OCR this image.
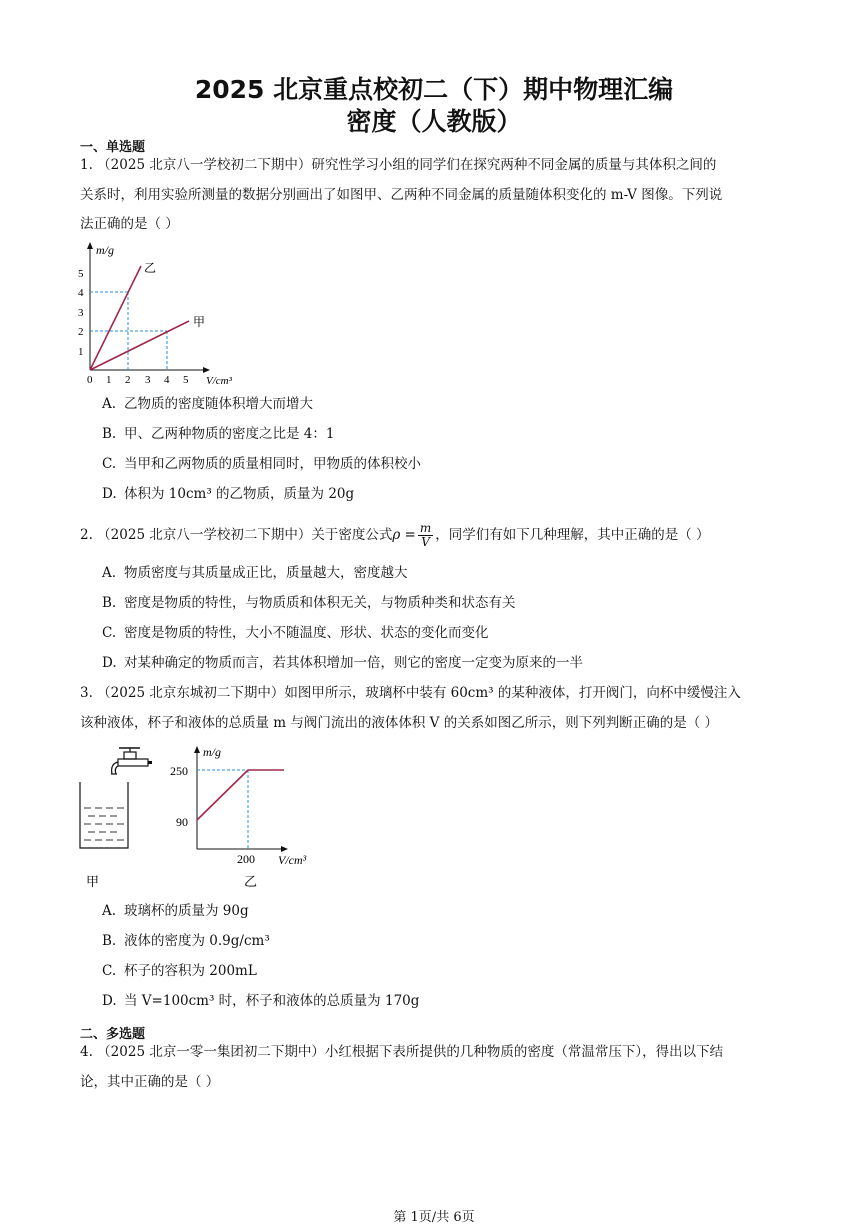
2025 北京重点校初二（下）期中物理汇编
密度（人教版）
一、单选题
1. （2025 北京八一学校初二下期中）研究性学习小组的同学们在探究两种不同金属的质量与其体积之间的
关系时，利用实验所测量的数据分别画出了如图甲、乙两种不同金属的质量随体积变化的 m-V 图像。下列说
法正确的是（ ）
m/g
乙
甲
5
4
3
2
1
0 1 2 3 4 5 V/cm³
A. 乙物质的密度随体积增大而增大
B. 甲、乙两种物质的密度之比是 4：1
C. 当甲和乙两物质的质量相同时，甲物质的体积校小
D. 体积为 10cm³ 的乙物质，质量为 20g
2. （2025 北京八一学校初二下期中）关于密度公式$\rho = \frac{m}{V}$ ，同学们有如下几种理解，其中正确的是（ ）
A. 物质密度与其质量成正比，质量越大，密度越大
B. 密度是物质的特性，与物质质和体积无关，与物质种类和状态有关
C. 密度是物质的特性，大小不随温度、形状、状态的变化而变化
D. 对某种确定的物质而言，若其体积增加一倍，则它的密度一定变为原来的一半
3. （2025 北京东城初二下期中）如图甲所示，玻璃杯中装有 60cm³ 的某种液体，打开阀门，向杯中缓慢注入
该种液体，杯子和液体的总质量 m 与阀门流出的液体体积 V 的关系如图乙所示，则下列判断正确的是（ ）
甲
m/g
250
90
200 V/cm³
乙
A. 玻璃杯的质量为 90g
B. 液体的密度为 0.9g/cm³
C. 杯子的容积为 200mL
D. 当 V=100cm³ 时，杯子和液体的总质量为 170g
二、多选题
4. （2025 北京一零一集团初二下期中）小红根据下表所提供的几种物质的密度（常温常压下），得出以下结
论，其中正确的是（ ）
第 1页/共 6页
